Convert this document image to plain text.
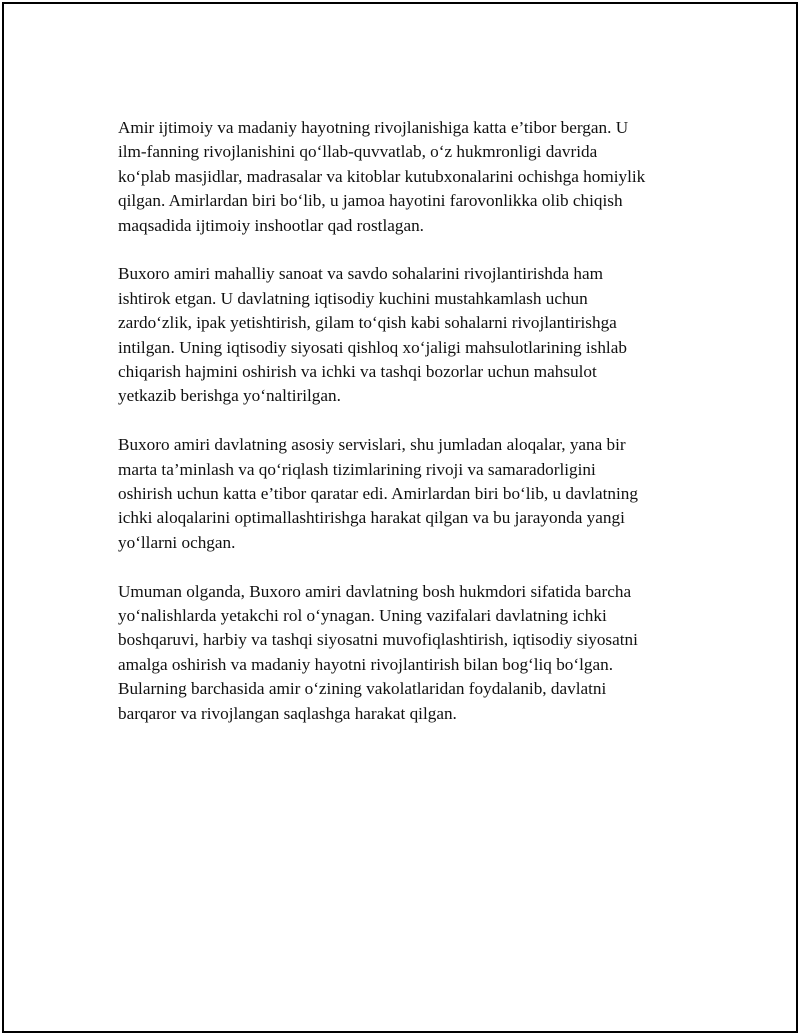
Amir ijtimoiy va madaniy hayotning rivojlanishiga katta e’tibor bergan. U
ilm-fanning rivojlanishini qo‘llab-quvvatlab, o‘z hukmronligi davrida
ko‘plab masjidlar, madrasalar va kitoblar kutubxonalarini ochishga homiylik
qilgan. Amirlardan biri bo‘lib, u jamoa hayotini farovonlikka olib chiqish
maqsadida ijtimoiy inshootlar qad rostlagan.

Buxoro amiri mahalliy sanoat va savdo sohalarini rivojlantirishda ham
ishtirok etgan. U davlatning iqtisodiy kuchini mustahkamlash uchun
zardo‘zlik, ipak yetishtirish, gilam to‘qish kabi sohalarni rivojlantirishga
intilgan. Uning iqtisodiy siyosati qishloq xo‘jaligi mahsulotlarining ishlab
chiqarish hajmini oshirish va ichki va tashqi bozorlar uchun mahsulot
yetkazib berishga yo‘naltirilgan.

Buxoro amiri davlatning asosiy servislari, shu jumladan aloqalar, yana bir
marta ta’minlash va qo‘riqlash tizimlarining rivoji va samaradorligini
oshirish uchun katta e’tibor qaratar edi. Amirlardan biri bo‘lib, u davlatning
ichki aloqalarini optimallashtirishga harakat qilgan va bu jarayonda yangi
yo‘llarni ochgan.

Umuman olganda, Buxoro amiri davlatning bosh hukmdori sifatida barcha
yo‘nalishlarda yetakchi rol o‘ynagan. Uning vazifalari davlatning ichki
boshqaruvi, harbiy va tashqi siyosatni muvofiqlashtirish, iqtisodiy siyosatni
amalga oshirish va madaniy hayotni rivojlantirish bilan bog‘liq bo‘lgan.
Bularning barchasida amir o‘zining vakolatlaridan foydalanib, davlatni
barqaror va rivojlangan saqlashga harakat qilgan.
